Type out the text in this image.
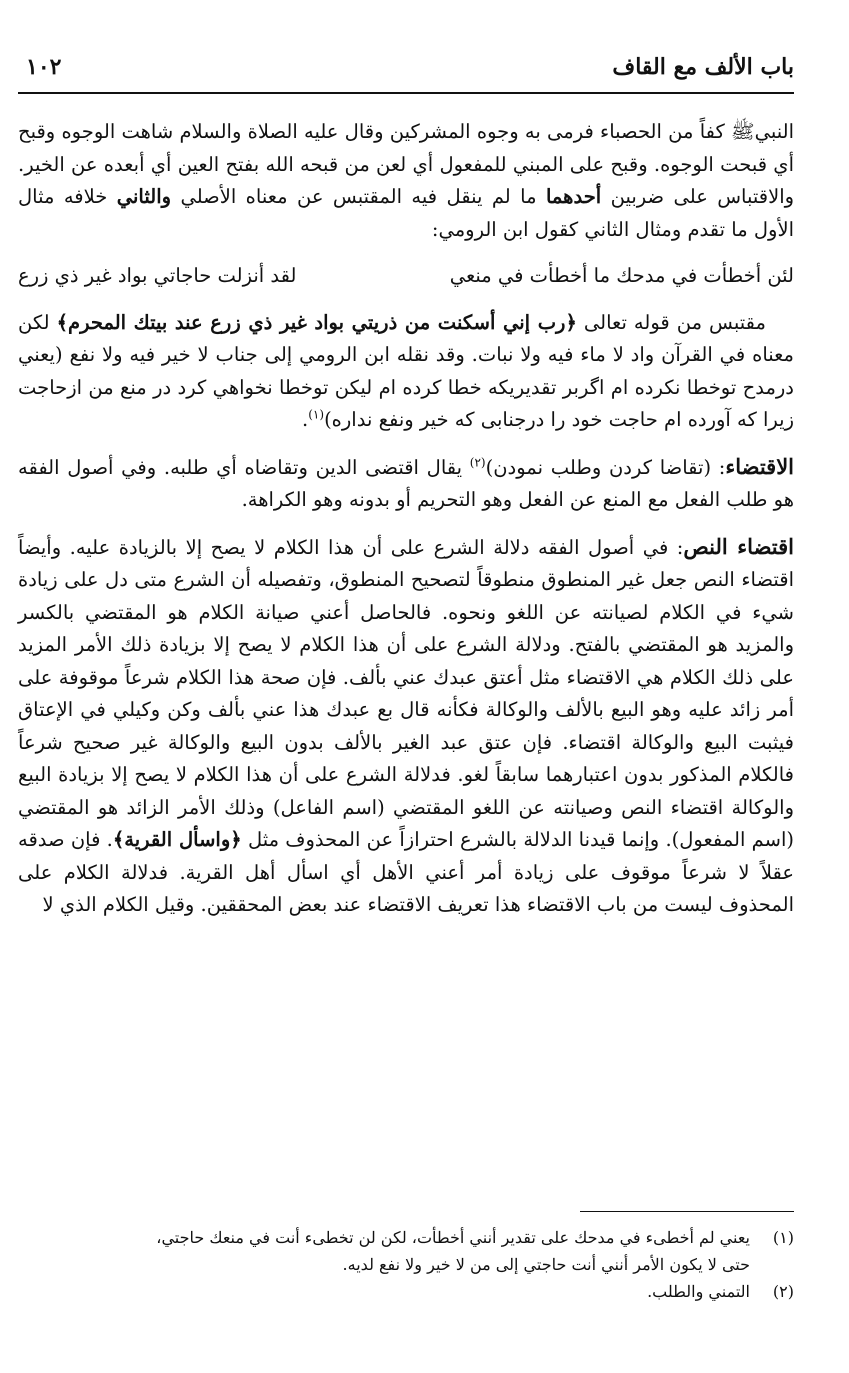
باب الألف مع القاف
١٠٢

النبيﷺ كفاً من الحصباء فرمى به وجوه المشركين وقال عليه الصلاة والسلام شاهت الوجوه وقبح أي قبحت الوجوه. وقبح على المبني للمفعول أي لعن من قبحه الله بفتح العين أي أبعده عن الخير. والاقتباس على ضربين أحدهما ما لم ينقل فيه المقتبس عن معناه الأصلي والثاني خلافه مثال الأول ما تقدم ومثال الثاني كقول ابن الرومي:

لئن أخطأت في مدحك ما أخطأت في منعي
لقد أنزلت حاجاتي بواد غير ذي زرع

مقتبس من قوله تعالى ﴿رب إني أسكنت من ذريتي بواد غير ذي زرع عند بيتك المحرم﴾ لكن معناه في القرآن واد لا ماء فيه ولا نبات. وقد نقله ابن الرومي إلى جناب لا خير فيه ولا نفع (يعني درمدح توخطا نكرده ام اگربر تقديريكه خطا كرده ام ليكن توخطا نخواهي كرد در منع من ازحاجت زيرا كه آورده ام حاجت خود را درجنابى كه خير ونفع نداره)$^{(١)}$.

الاقتضاء: (تقاضا كردن وطلب نمودن)$^{(٢)}$ يقال اقتضى الدين وتقاضاه أي طلبه. وفي أصول الفقه هو طلب الفعل مع المنع عن الفعل وهو التحريم أو بدونه وهو الكراهة.

اقتضاء النص: في أصول الفقه دلالة الشرع على أن هذا الكلام لا يصح إلا بالزيادة عليه. وأيضاً اقتضاء النص جعل غير المنطوق منطوقاً لتصحيح المنطوق، وتفصيله أن الشرع متى دل على زيادة شيء في الكلام لصيانته عن اللغو ونحوه. فالحاصل أعني صيانة الكلام هو المقتضي بالكسر والمزيد هو المقتضي بالفتح. ودلالة الشرع على أن هذا الكلام لا يصح إلا بزيادة ذلك الأمر المزيد على ذلك الكلام هي الاقتضاء مثل أعتق عبدك عني بألف. فإن صحة هذا الكلام شرعاً موقوفة على أمر زائد عليه وهو البيع بالألف والوكالة فكأنه قال بع عبدك هذا عني بألف وكن وكيلي في الإعتاق فيثبت البيع والوكالة اقتضاء. فإن عتق عبد الغير بالألف بدون البيع والوكالة غير صحيح شرعاً فالكلام المذكور بدون اعتبارهما سابقاً لغو. فدلالة الشرع على أن هذا الكلام لا يصح إلا بزيادة البيع والوكالة اقتضاء النص وصيانته عن اللغو المقتضي (اسم الفاعل) وذلك الأمر الزائد هو المقتضي (اسم المفعول). وإنما قيدنا الدلالة بالشرع احترازاً عن المحذوف مثل ﴿واسأل القرية﴾. فإن صدقه عقلاً لا شرعاً موقوف على زيادة أمر أعني الأهل أي اسأل أهل القرية. فدلالة الكلام على المحذوف ليست من باب الاقتضاء هذا تعريف الاقتضاء عند بعض المحققين. وقيل الكلام الذي لا

(١)
يعني لم أخطىء في مدحك على تقدير أنني أخطأت، لكن لن تخطىء أنت في منعك حاجتي،
حتى لا يكون الأمر أنني أنت حاجتي إلى من لا خير ولا نفع لديه.
(٢)
التمني والطلب.
